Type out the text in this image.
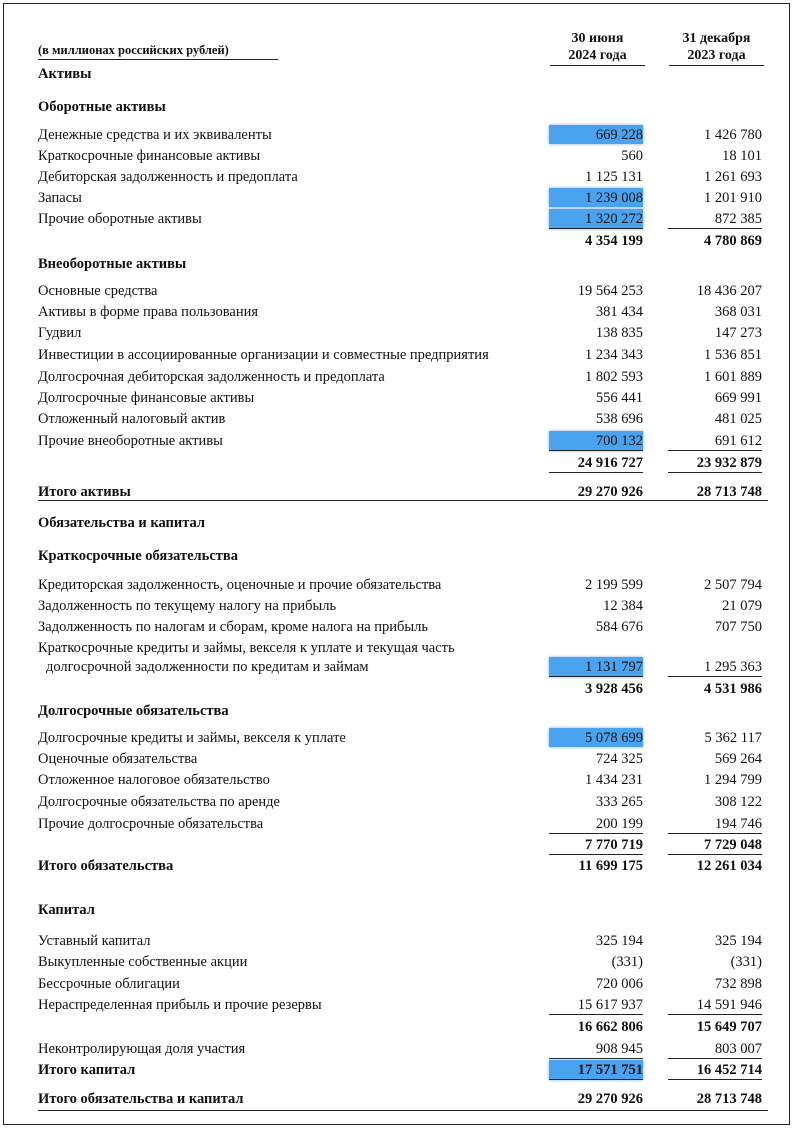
(в миллионах российских рублей)
30 июня
2024 года
31 декабря
2023 года
Активы
Оборотные активы
Денежные средства и их эквиваленты	669 228	1 426 780
Краткосрочные финансовые активы	560	18 101
Дебиторская задолженность и предоплата	1 125 131	1 261 693
Запасы	1 239 008	1 201 910
Прочие оборотные активы	1 320 272	872 385
4 354 199	4 780 869
Внеоборотные активы
Основные средства	19 564 253	18 436 207
Активы в форме права пользования	381 434	368 031
Гудвил	138 835	147 273
Инвестиции в ассоциированные организации и совместные предприятия	1 234 343	1 536 851
Долгосрочная дебиторская задолженность и предоплата	1 802 593	1 601 889
Долгосрочные финансовые активы	556 441	669 991
Отложенный налоговый актив	538 696	481 025
Прочие внеоборотные активы	700 132	691 612
24 916 727	23 932 879
Итого активы	29 270 926	28 713 748
Обязательства и капитал
Краткосрочные обязательства
Кредиторская задолженность, оценочные и прочие обязательства	2 199 599	2 507 794
Задолженность по текущему налогу на прибыль	12 384	21 079
Задолженность по налогам и сборам, кроме налога на прибыль	584 676	707 750
Краткосрочные кредиты и займы, векселя к уплате и текущая часть
долгосрочной задолженности по кредитам и займам	1 131 797	1 295 363
3 928 456	4 531 986
Долгосрочные обязательства
Долгосрочные кредиты и займы, векселя к уплате	5 078 699	5 362 117
Оценочные обязательства	724 325	569 264
Отложенное налоговое обязательство	1 434 231	1 294 799
Долгосрочные обязательства по аренде	333 265	308 122
Прочие долгосрочные обязательства	200 199	194 746
7 770 719	7 729 048
Итого обязательства	11 699 175	12 261 034
Капитал
Уставный капитал	325 194	325 194
Выкупленные собственные акции	(331)	(331)
Бессрочные облигации	720 006	732 898
Нераспределенная прибыль и прочие резервы	15 617 937	14 591 946
16 662 806	15 649 707
Неконтролирующая доля участия	908 945	803 007
Итого капитал	17 571 751	16 452 714
Итого обязательства и капитал	29 270 926	28 713 748
